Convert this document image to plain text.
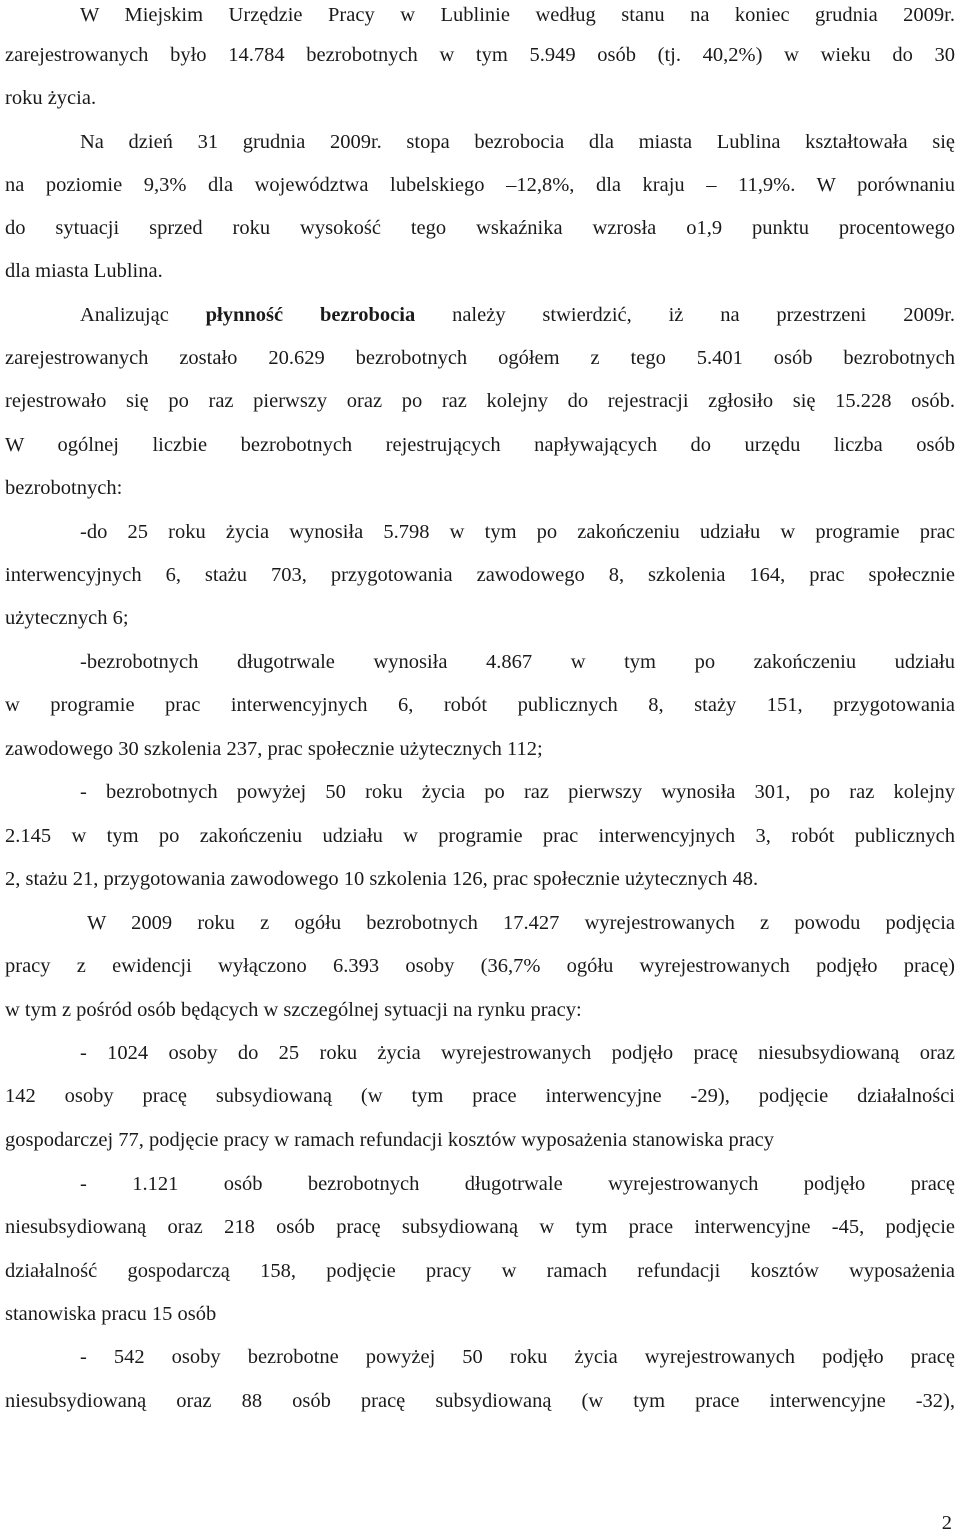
W Miejskim Urzędzie Pracy w Lublinie według stanu na koniec grudnia 2009r.
zarejestrowanych było 14.784 bezrobotnych w tym 5.949 osób (tj. 40,2%) w wieku do 30
roku życia.
Na dzień 31 grudnia 2009r. stopa bezrobocia dla miasta Lublina kształtowała się
na poziomie 9,3% dla województwa lubelskiego –12,8%, dla kraju – 11,9%. W porównaniu
do sytuacji sprzed roku wysokość tego wskaźnika wzrosła o1,9 punktu procentowego
dla miasta Lublina.
Analizując płynność bezrobocia należy stwierdzić, iż na przestrzeni 2009r.
zarejestrowanych zostało 20.629 bezrobotnych ogółem z tego 5.401 osób bezrobotnych
rejestrowało się po raz pierwszy oraz po raz kolejny do rejestracji zgłosiło się 15.228 osób.
W ogólnej liczbie bezrobotnych rejestrujących napływających do urzędu liczba osób
bezrobotnych:
-do 25 roku życia wynosiła 5.798 w tym po zakończeniu udziału w programie prac
interwencyjnych 6, stażu 703, przygotowania zawodowego 8, szkolenia 164, prac społecznie
użytecznych 6;
-bezrobotnych długotrwale wynosiła 4.867 w tym po zakończeniu udziału
w programie prac interwencyjnych 6, robót publicznych 8, staży 151, przygotowania
zawodowego 30 szkolenia 237, prac społecznie użytecznych 112;
- bezrobotnych powyżej 50 roku życia po raz pierwszy wynosiła 301, po raz kolejny
2.145 w tym po zakończeniu udziału w programie prac interwencyjnych 3, robót publicznych
2, stażu 21, przygotowania zawodowego 10 szkolenia 126, prac społecznie użytecznych 48.
W 2009 roku z ogółu bezrobotnych 17.427 wyrejestrowanych z powodu podjęcia
pracy z ewidencji wyłączono 6.393 osoby (36,7% ogółu wyrejestrowanych podjęło pracę)
w tym z pośród osób będących w szczególnej sytuacji na rynku pracy:
- 1024 osoby do 25 roku życia wyrejestrowanych podjęło pracę niesubsydiowaną oraz
142 osoby pracę subsydiowaną (w tym prace interwencyjne -29), podjęcie działalności
gospodarczej 77, podjęcie pracy w ramach refundacji kosztów wyposażenia stanowiska pracy
- 1.121 osób bezrobotnych długotrwale wyrejestrowanych podjęło pracę
niesubsydiowaną oraz 218 osób pracę subsydiowaną w tym prace interwencyjne -45, podjęcie
działalność gospodarczą 158, podjęcie pracy w ramach refundacji kosztów wyposażenia
stanowiska pracu 15 osób
- 542 osoby bezrobotne powyżej 50 roku życia wyrejestrowanych podjęło pracę
niesubsydiowaną oraz 88 osób pracę subsydiowaną (w tym prace interwencyjne -32),
2
